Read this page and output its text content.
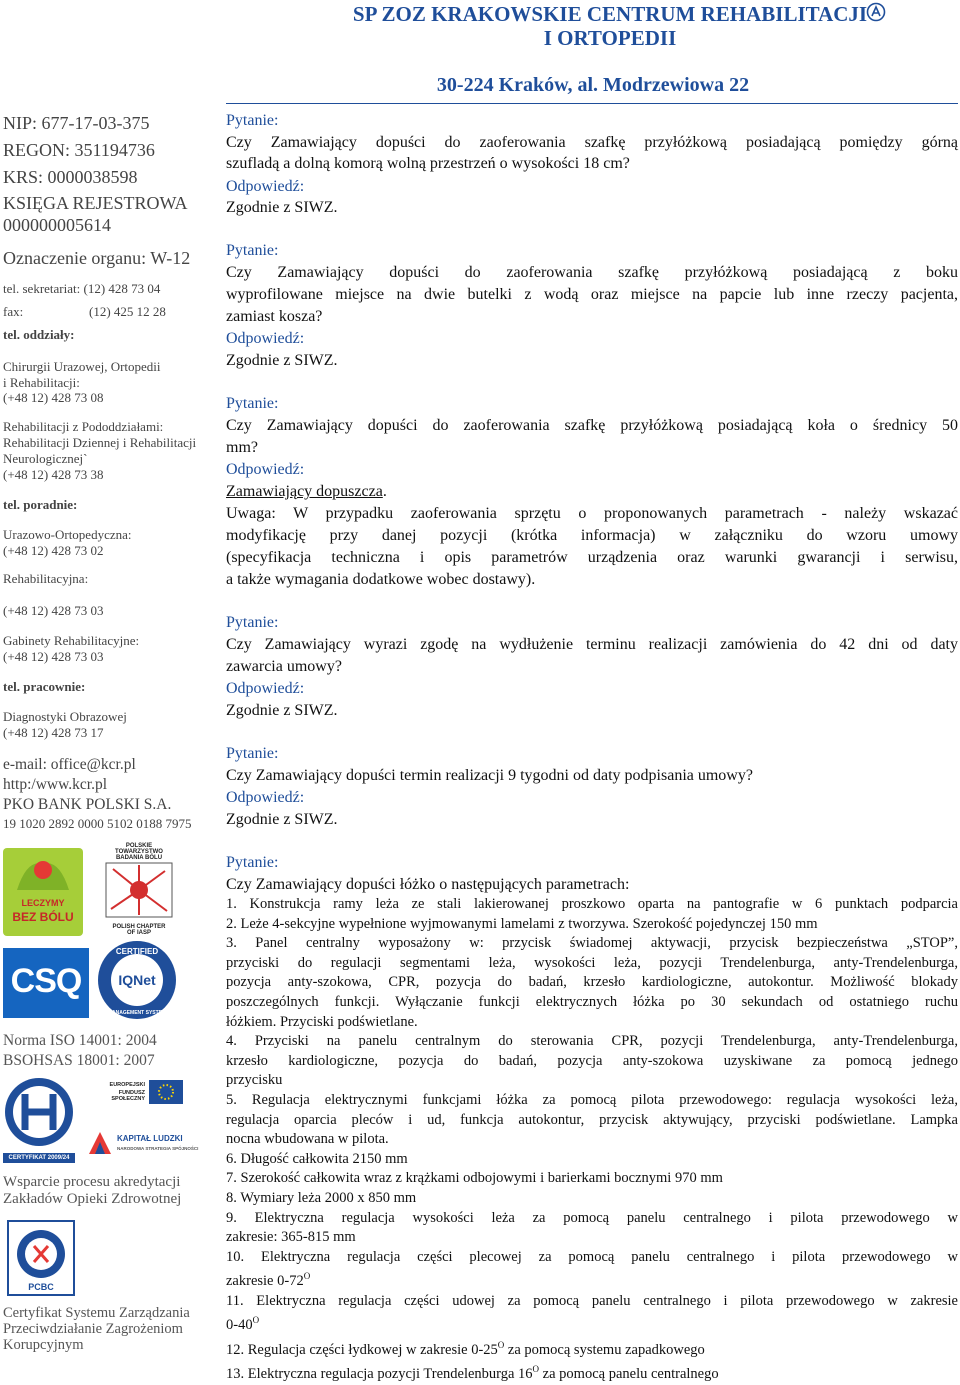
SP ZOZ KRAKOWSKIE CENTRUM REHABILITACJI
I ORTOPEDII
30-224 Kraków, al. Modrzewiowa 22
NIP: 677-17-03-375
REGON: 351194736
KRS: 0000038598
KSIĘGA REJESTROWA
000000005614
Oznaczenie organu: W-12
tel. sekretariat: (12) 428 73 04
fax:	(12) 425 12 28
tel. oddziały:
Chirurgii Urazowej, Ortopedii
i Rehabilitacji:
(+48 12) 428 73 08
Rehabilitacji z Pododdziałami:
Rehabilitacji Dziennej i Rehabilitacji
Neurologicznej`
(+48 12) 428 73 38
tel. poradnie:
Urazowo-Ortopedyczna:
(+48 12) 428 73 02
Rehabilitacyjna:
(+48 12) 428 73 03
Gabinety Rehabilitacyjne:
(+48 12) 428 73 03
tel. pracownie:
Diagnostyki Obrazowej
(+48 12) 428 73 17
e-mail: office@kcr.pl
http:/www.kcr.pl
PKO BANK POLSKI S.A.
19 1020 2892 0000 5102 0188 7975
LECZYMY
BEZ BÓLU
POLSKIE TOWARZYSTWO
BADANIA BÓLU
POLISH CHAPTER
OF IASP
CSQ
CERTIFIED
IQNet
MANAGEMENT SYSTEM
Norma ISO 14001: 2004
BSOHSAS 18001: 2007
CERTYFIKAT 2009/24
EUROPEJSKI
FUNDUSZ SPOŁECZNY
KAPITAŁ LUDZKI
NARODOWA STRATEGIA SPÓJNOŚCI
Wsparcie procesu akredytacji
Zakładów Opieki Zdrowotnej
PCBC
Certyfikat Systemu Zarządzania
Przeciwdziałanie Zagrożeniom
Korupcyjnym
Pytanie:
Czy Zamawiający dopuści do zaoferowania szafkę przyłóżkową posiadającą pomiędzy górną
szufladą a dolną komorą wolną przestrzeń o wysokości 18 cm?
Odpowiedź:
Zgodnie z SIWZ.
Pytanie:
Czy Zamawiający dopuści do zaoferowania szafkę przyłóżkową posiadającą z boku
wyprofilowane miejsce na dwie butelki z wodą oraz miejsce na papcie lub inne rzeczy pacjenta,
zamiast kosza?
Odpowiedź:
Zgodnie z SIWZ.
Pytanie:
Czy Zamawiający dopuści do zaoferowania szafkę przyłóżkową posiadającą koła o średnicy 50
mm?
Odpowiedź:
Zamawiający dopuszcza.
Uwaga: W przypadku zaoferowania sprzętu o proponowanych parametrach - należy wskazać
modyfikację przy danej pozycji (krótka informacja) w załączniku do wzoru umowy
(specyfikacja techniczna i opis parametrów urządzenia oraz warunki gwarancji i serwisu,
a także wymagania dodatkowe wobec dostawy).
Pytanie:
Czy Zamawiający wyrazi zgodę na wydłużenie terminu realizacji zamówienia do 42 dni od daty
zawarcia umowy?
Odpowiedź:
Zgodnie z SIWZ.
Pytanie:
Czy Zamawiający dopuści termin realizacji 9 tygodni od daty podpisania umowy?
Odpowiedź:
Zgodnie z SIWZ.
Pytanie:
Czy Zamawiający dopuści łóżko o następujących parametrach:
1. Konstrukcja ramy leża ze stali lakierowanej proszkowo oparta na pantografie w 6 punktach podparcia
2. Leże 4-sekcyjne wypełnione wyjmowanymi lamelami z tworzywa. Szerokość pojedynczej 150 mm
3. Panel centralny wyposażony w: przycisk świadomej aktywacji, przycisk bezpieczeństwa „STOP”,
przyciski do regulacji segmentami leża, wysokości leża, pozycji Trendelenburga, anty-Trendelenburga,
pozycja anty-szokowa, CPR, pozycja do badań, krzesło kardiologiczne, autokontur. Możliwość blokady
poszczególnych funkcji. Wyłączanie funkcji elektrycznych łóżka po 30 sekundach od ostatniego ruchu
łóżkiem. Przyciski podświetlane.
4. Przyciski na panelu centralnym do sterowania CPR, pozycji Trendelenburga, anty-Trendelenburga,
krzesło kardiologiczne, pozycja do badań, pozycja anty-szokowa uzyskiwane za pomocą jednego
przycisku
5. Regulacja elektrycznymi funkcjami łóżka za pomocą pilota przewodowego: regulacja wysokości leża,
regulacja oparcia pleców i ud, funkcja autokontur, przycisk aktywujący, przyciski podświetlane. Lampka
nocna wbudowana w pilota.
6. Długość całkowita 2150 mm
7. Szerokość całkowita wraz z krążkami odbojowymi i barierkami bocznymi 970 mm
8. Wymiary leża 2000 x 850 mm
9. Elektryczna regulacja wysokości leża za pomocą panelu centralnego i pilota przewodowego w
zakresie: 365-815 mm
10. Elektryczna regulacja części plecowej za pomocą panelu centralnego i pilota przewodowego w
zakresie $0-72^O$
11. Elektryczna regulacja części udowej za pomocą panelu centralnego i pilota przewodowego w zakresie
$0-40^O$
12. Regulacja części łydkowej w zakresie $0-25^O$ za pomocą systemu zapadkowego
13. Elektryczna regulacja pozycji Trendelenburga $16^O$ za pomocą panelu centralnego
